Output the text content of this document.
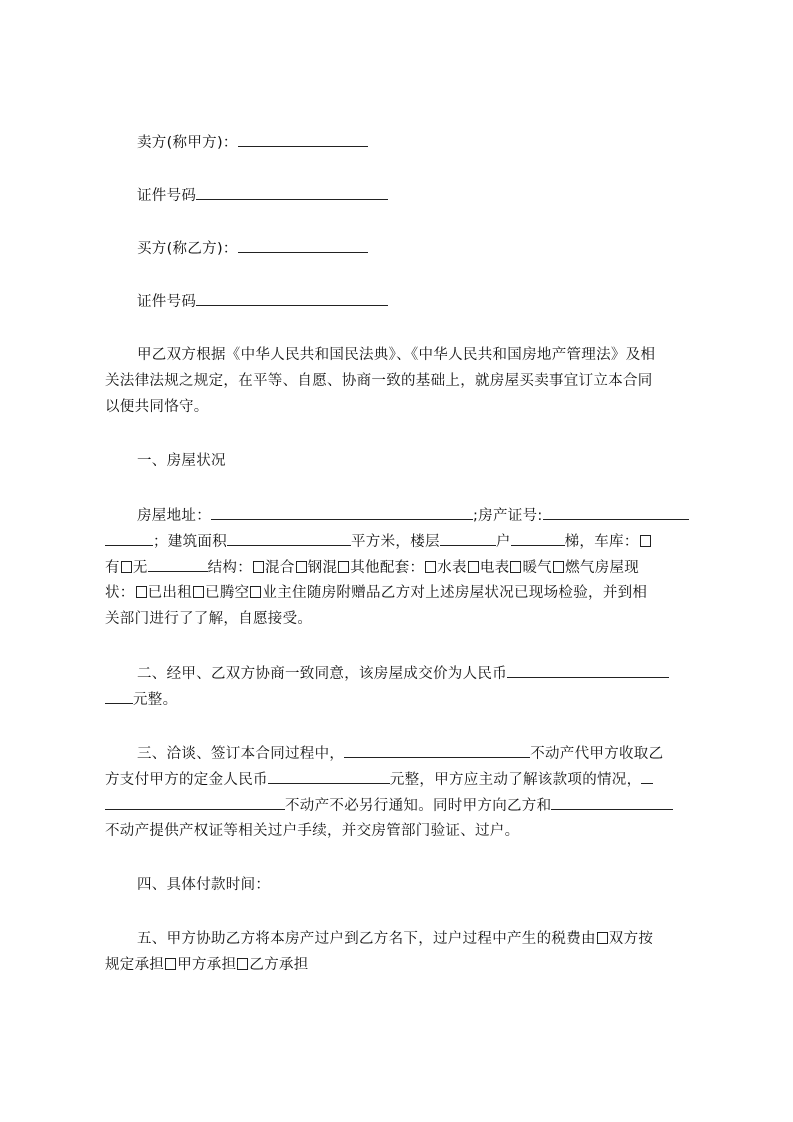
卖方(称甲方)：
证件号码
买方(称乙方)：
证件号码
甲乙双方根据《中华人民共和国民法典》、《中华人民共和国房地产管理法》及相
关法律法规之规定，在平等、自愿、协商一致的基础上，就房屋买卖事宜订立本合同
以便共同恪守。
一、房屋状况
房屋地址：	;房产证号:
；建筑面积	平方米，楼层	户	梯，车库：
有 无	结构： 混合 钢混 其他配套： 水表 电表 暖气 燃气房屋现
状： 已出租 已腾空 业主住随房附赠品乙方对上述房屋状况已现场检验，并到相
关部门进行了了解，自愿接受。
二、经甲、乙双方协商一致同意，该房屋成交价为人民币
元整。
三、洽谈、签订本合同过程中，	不动产代甲方收取乙
方支付甲方的定金人民币	元整，甲方应主动了解该款项的情况，
不动产不必另行通知。同时甲方向乙方和
不动产提供产权证等相关过户手续，并交房管部门验证、过户。
四、具体付款时间：
五、甲方协助乙方将本房产过户到乙方名下，过户过程中产生的税费由 双方按
规定承担 甲方承担 乙方承担
